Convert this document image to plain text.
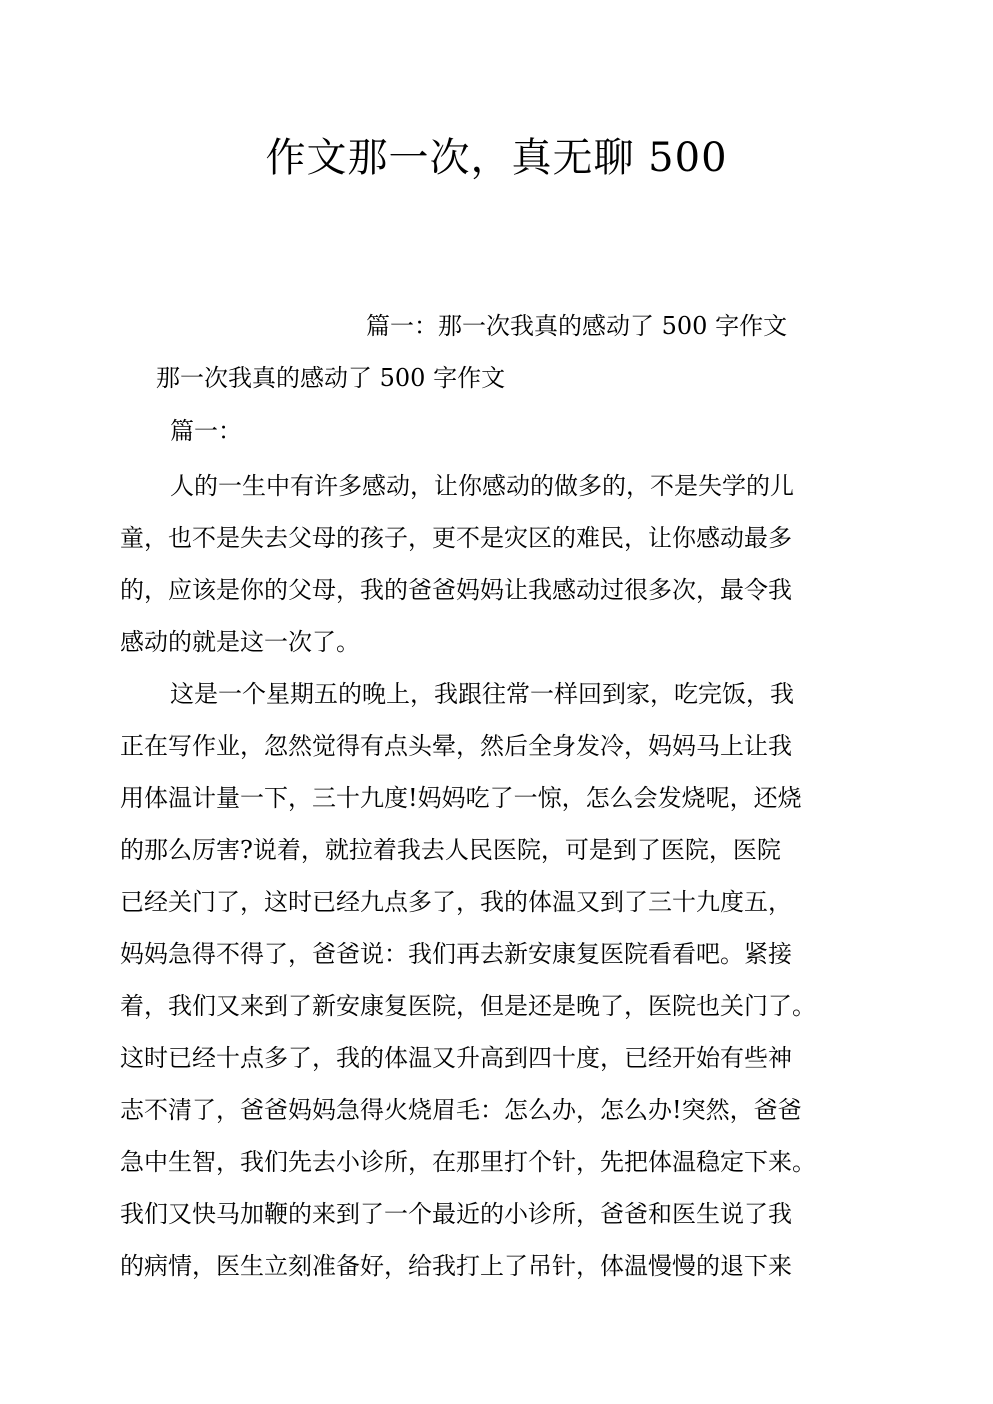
作文那一次，真无聊 500
篇一：那一次我真的感动了 500 字作文
那一次我真的感动了 500 字作文
篇一：
人的一生中有许多感动，让你感动的做多的，不是失学的儿
童，也不是失去父母的孩子，更不是灾区的难民，让你感动最多
的，应该是你的父母，我的爸爸妈妈让我感动过很多次，最令我
感动的就是这一次了。
这是一个星期五的晚上，我跟往常一样回到家，吃完饭，我
正在写作业，忽然觉得有点头晕，然后全身发冷，妈妈马上让我
用体温计量一下，三十九度!妈妈吃了一惊，怎么会发烧呢，还烧
的那么厉害?说着，就拉着我去人民医院，可是到了医院，医院
已经关门了，这时已经九点多了，我的体温又到了三十九度五，
妈妈急得不得了，爸爸说：我们再去新安康复医院看看吧。紧接
着，我们又来到了新安康复医院，但是还是晚了，医院也关门了。
这时已经十点多了，我的体温又升高到四十度，已经开始有些神
志不清了，爸爸妈妈急得火烧眉毛：怎么办，怎么办!突然，爸爸
急中生智，我们先去小诊所，在那里打个针，先把体温稳定下来。
我们又快马加鞭的来到了一个最近的小诊所，爸爸和医生说了我
的病情，医生立刻准备好，给我打上了吊针，体温慢慢的退下来
